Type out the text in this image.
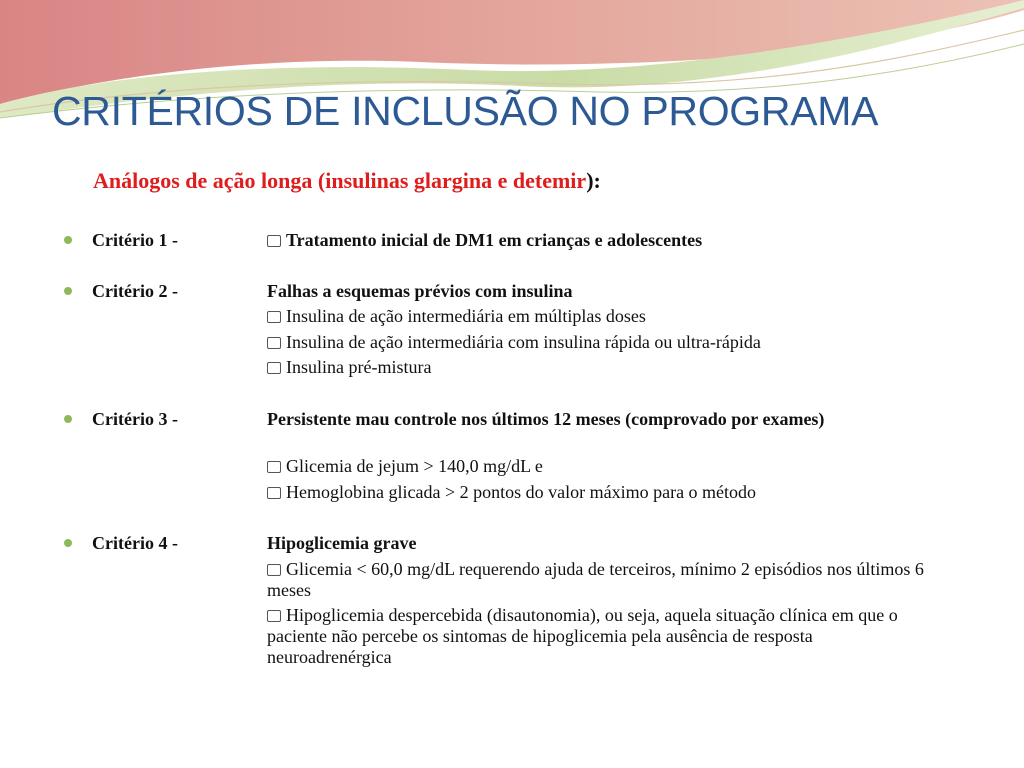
CRITÉRIOS DE INCLUSÃO NO PROGRAMA
Análogos de ação longa (insulinas glargina e detemir):
Critério 1 -	Tratamento inicial de DM1 em crianças e adolescentes
Critério 2 -	Falhas a esquemas prévios com insulina
Insulina de ação intermediária em múltiplas doses
Insulina de ação intermediária com insulina rápida ou ultra-rápida
Insulina pré-mistura
Critério 3 -	Persistente mau controle nos últimos 12 meses (comprovado por exames)
Glicemia de jejum > 140,0 mg/dL e
Hemoglobina glicada > 2 pontos do valor máximo para o método
Critério 4 -	Hipoglicemia grave
Glicemia < 60,0 mg/dL requerendo ajuda de terceiros, mínimo 2 episódios nos últimos 6 meses
Hipoglicemia despercebida (disautonomia), ou seja, aquela situação clínica em que o paciente não percebe os sintomas de hipoglicemia pela ausência de resposta neuroadrenérgica
